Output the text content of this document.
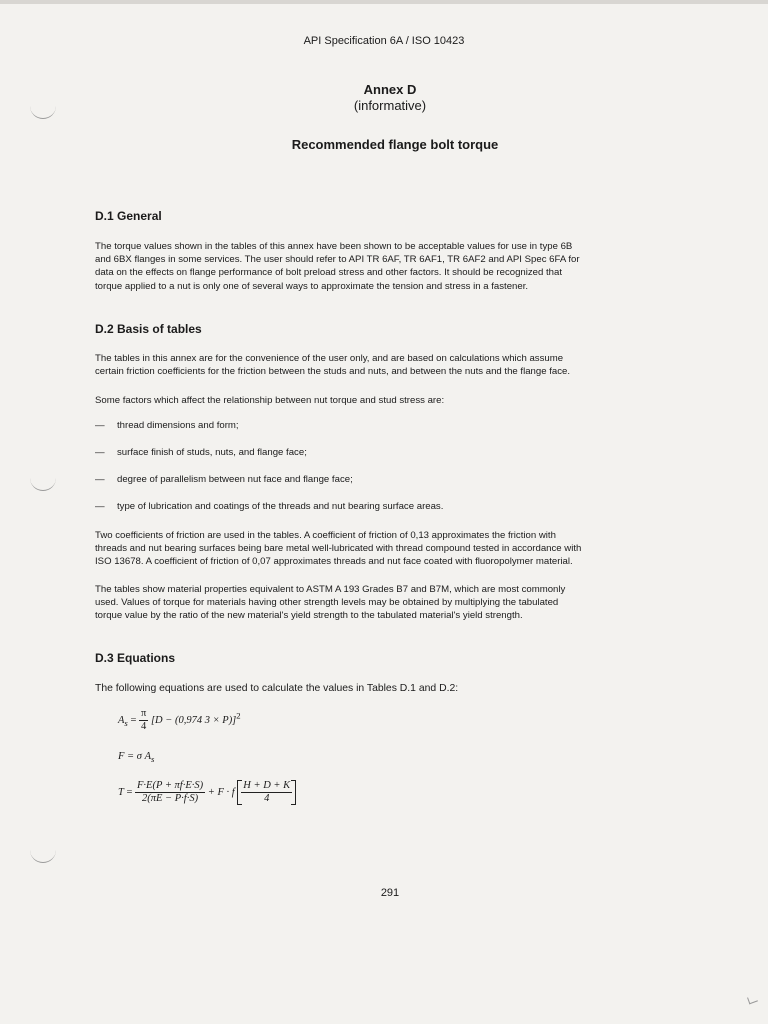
API Specification 6A / ISO 10423
Annex D
(informative)
Recommended flange bolt torque
D.1 General
The torque values shown in the tables of this annex have been shown to be acceptable values for use in type 6B
and 6BX flanges in some services. The user should refer to API TR 6AF, TR 6AF1, TR 6AF2 and API Spec 6FA for
data on the effects on flange performance of bolt preload stress and other factors. It should be recognized that
torque applied to a nut is only one of several ways to approximate the tension and stress in a fastener.
D.2 Basis of tables
The tables in this annex are for the convenience of the user only, and are based on calculations which assume
certain friction coefficients for the friction between the studs and nuts, and between the nuts and the flange face.
Some factors which affect the relationship between nut torque and stud stress are:
— thread dimensions and form;
— surface finish of studs, nuts, and flange face;
— degree of parallelism between nut face and flange face;
— type of lubrication and coatings of the threads and nut bearing surface areas.
Two coefficients of friction are used in the tables. A coefficient of friction of 0,13 approximates the friction with
threads and nut bearing surfaces being bare metal well-lubricated with thread compound tested in accordance with
ISO 13678. A coefficient of friction of 0,07 approximates threads and nut face coated with fluoropolymer material.
The tables show material properties equivalent to ASTM A 193 Grades B7 and B7M, which are most commonly
used. Values of torque for materials having other strength levels may be obtained by multiplying the tabulated
torque value by the ratio of the new material's yield strength to the tabulated material's yield strength.
D.3 Equations
The following equations are used to calculate the values in Tables D.1 and D.2:
$A_s = \frac{\pi}{4} [D - (0,974$ 3 × P)]$^2$
F = σ $A_s$
$T = \frac{F\cdot E(P + \pi f\cdot E\cdot S)}{2(\pi E - P\cdot f\cdot S)} + F \cdot f \frac{H + D + K}{4}$
291
